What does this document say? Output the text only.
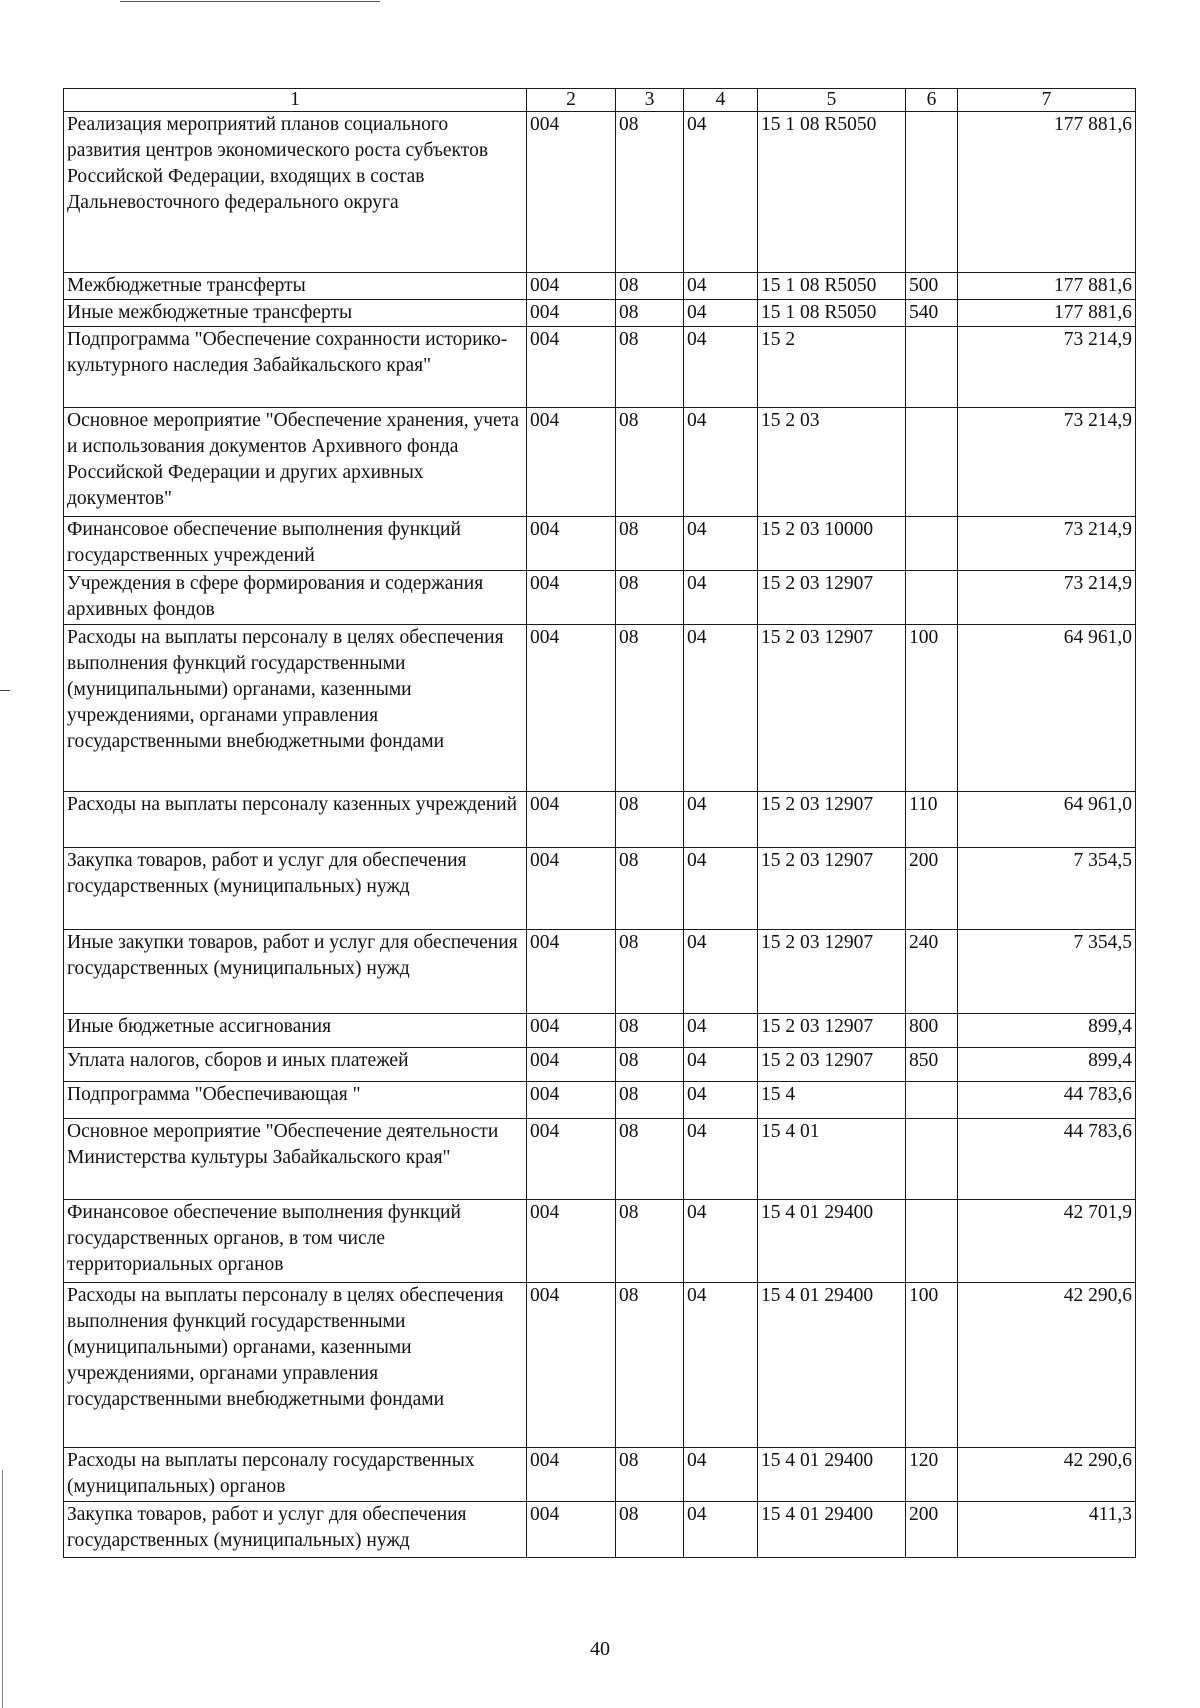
1	2	3	4	5	6	7
Реализация мероприятий планов социального развития центров экономического роста субъектов Российской Федерации, входящих в состав Дальневосточного федерального округа	004	08	04	15 1 08 R5050		177 881,6
Межбюджетные трансферты	004	08	04	15 1 08 R5050	500	177 881,6
Иные межбюджетные трансферты	004	08	04	15 1 08 R5050	540	177 881,6
Подпрограмма "Обеспечение сохранности историко-культурного наследия Забайкальского края"	004	08	04	15 2		73 214,9
Основное мероприятие "Обеспечение хранения, учета и использования документов Архивного фонда Российской Федерации и других архивных документов"	004	08	04	15 2 03		73 214,9
Финансовое обеспечение выполнения функций государственных учреждений	004	08	04	15 2 03 10000		73 214,9
Учреждения в сфере формирования и содержания архивных фондов	004	08	04	15 2 03 12907		73 214,9
Расходы на выплаты персоналу в целях обеспечения выполнения функций государственными (муниципальными) органами, казенными учреждениями, органами управления государственными внебюджетными фондами	004	08	04	15 2 03 12907	100	64 961,0
Расходы на выплаты персоналу казенных учреждений	004	08	04	15 2 03 12907	110	64 961,0
Закупка товаров, работ и услуг для обеспечения государственных (муниципальных) нужд	004	08	04	15 2 03 12907	200	7 354,5
Иные закупки товаров, работ и услуг для обеспечения государственных (муниципальных) нужд	004	08	04	15 2 03 12907	240	7 354,5
Иные бюджетные ассигнования	004	08	04	15 2 03 12907	800	899,4
Уплата налогов, сборов и иных платежей	004	08	04	15 2 03 12907	850	899,4
Подпрограмма "Обеспечивающая "	004	08	04	15 4		44 783,6
Основное мероприятие "Обеспечение деятельности Министерства культуры Забайкальского края"	004	08	04	15 4 01		44 783,6
Финансовое обеспечение выполнения функций государственных органов, в том числе территориальных органов	004	08	04	15 4 01 29400		42 701,9
Расходы на выплаты персоналу в целях обеспечения выполнения функций государственными (муниципальными) органами, казенными учреждениями, органами управления государственными внебюджетными фондами	004	08	04	15 4 01 29400	100	42 290,6
Расходы на выплаты персоналу государственных (муниципальных) органов	004	08	04	15 4 01 29400	120	42 290,6
Закупка товаров, работ и услуг для обеспечения государственных (муниципальных) нужд	004	08	04	15 4 01 29400	200	411,3
40
